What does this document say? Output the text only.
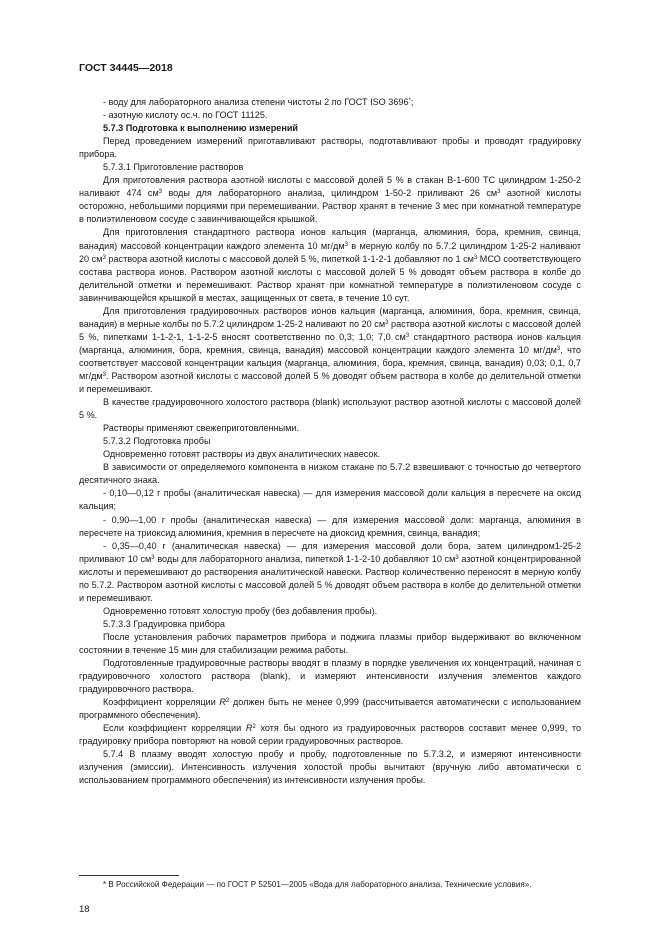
ГОСТ 34445—2018

- воду для лабораторного анализа степени чистоты 2 по ГОСТ ISO 3696*;

- азотную кислоту ос.ч. по ГОСТ 11125.

5.7.3 Подготовка к выполнению измерений

Перед проведением измерений приготавливают растворы, подготавливают пробы и проводят градуировку прибора.

5.7.3.1 Приготовление растворов

Для приготовления раствора азотной кислоты с массовой долей 5 % в стакан В-1-600 ТС цилиндром 1-250-2 наливают 474 $см^3$ воды для лабораторного анализа, цилиндром 1-50-2 приливают 26 $см^3$ азотной кислоты осторожно, небольшими порциями при перемешивании. Раствор хранят в течение 3 мес при комнатной температуре в полиэтиленовом сосуде с завинчивающейся крышкой.

Для приготовления стандартного раствора ионов кальция (марганца, алюминия, бора, кремния, свинца, ванадия) массовой концентрации каждого элемента 10 $мг/дм^3$ в мерную колбу по 5.7.2 цилиндром 1-25-2 наливают 20 $см^3$ раствора азотной кислоты с массовой долей 5 %, пипеткой 1-1-2-1 добавляют по 1 $см^3$ МСО соответствующего состава раствора ионов. Раствором азотной кислоты с массовой долей 5 % доводят объем раствора в колбе до делительной отметки и перемешивают. Раствор хранят при комнатной температуре в полиэтиленовом сосуде с завинчивающейся крышкой в местах, защищенных от света, в течение 10 сут.

Для приготовления градуировочных растворов ионов кальция (марганца, алюминия, бора, кремния, свинца, ванадия) в мерные колбы по 5.7.2 цилиндром 1-25-2 наливают по 20 $см^3$ раствора азотной кислоты с массовой долей 5 %, пипетками 1-1-2-1, 1-1-2-5 вносят соответственно по 0,3; 1,0; 7,0 $см^3$ стандартного раствора ионов кальция (марганца, алюминия, бора, кремния, свинца, ванадия) массовой концентрации каждого элемента 10 $мг/дм^3$, что соответствует массовой концентрации кальция (марганца, алюминия, бора, кремния, свинца, ванадия) 0,03; 0,1, 0,7 $мг/дм^3$. Раствором азотной кислоты с массовой долей 5 % доводят объем раствора в колбе до делительной отметки и перемешивают.

В качестве градуировочного холостого раствора (blank) используют раствор азотной кислоты с массовой долей 5 %.

Растворы применяют свежеприготовленными.

5.7.3.2 Подготовка пробы

Одновременно готовят растворы из двух аналитических навесок.

В зависимости от определяемого компонента в низком стакане по 5.7.2 взвешивают с точностью до четвертого десятичного знака.

- 0,10—0,12 г пробы (аналитическая навеска) — для измерения массовой доли кальция в пересчете на оксид кальция;

- 0,90—1,00 г пробы (аналитическая навеска) — для измерения массовой доли: марганца, алюминия в пересчете на триоксид алюминия, кремния в пересчете на диоксид кремния, свинца, ванадия;

- 0,35—0,40 г (аналитическая навеска) — для измерения массовой доли бора, затем цилиндром1-25-2 приливают 10 $см^3$ воды для лабораторного анализа, пипеткой 1-1-2-10 добавляют 10 $см^3$ азотной концентрированной кислоты и перемешивают до растворения аналитической навески. Раствор количественно переносят в мерную колбу по 5.7.2. Раствором азотной кислоты с массовой долей 5 % доводят объем раствора в колбе до делительной отметки и перемешивают.

Одновременно готовят холостую пробу (без добавления пробы).

5.7.3.3 Градуировка прибора

После установления рабочих параметров прибора и поджига плазмы прибор выдерживают во включенном состоянии в течение 15 мин для стабилизации режима работы.

Подготовленные градуировочные растворы вводят в плазму в порядке увеличения их концентраций, начиная с градуировочного холостого раствора (blank), и измеряют интенсивности излучения элементов каждого градуировочного раствора.

Коэффициент корреляции $R^2$ должен быть не менее 0,999 (рассчитывается автоматически с использованием программного обеспечения).

Если коэффициент корреляции $R^2$ хотя бы одного из градуировочных растворов составит менее 0,999, то градуировку прибора повторяют на новой серии градуировочных растворов.

5.7.4 В плазму вводят холостую пробу и пробу, подготовленные по 5.7.3.2, и измеряют интенсивности излучения (эмиссии). Интенсивность излучения холостой пробы вычитают (вручную либо автоматически с использованием программного обеспечения) из интенсивности излучения пробы.

* В Российской Федерации — по ГОСТ Р 52501—2005 «Вода для лабораторного анализа. Технические условия».
18
